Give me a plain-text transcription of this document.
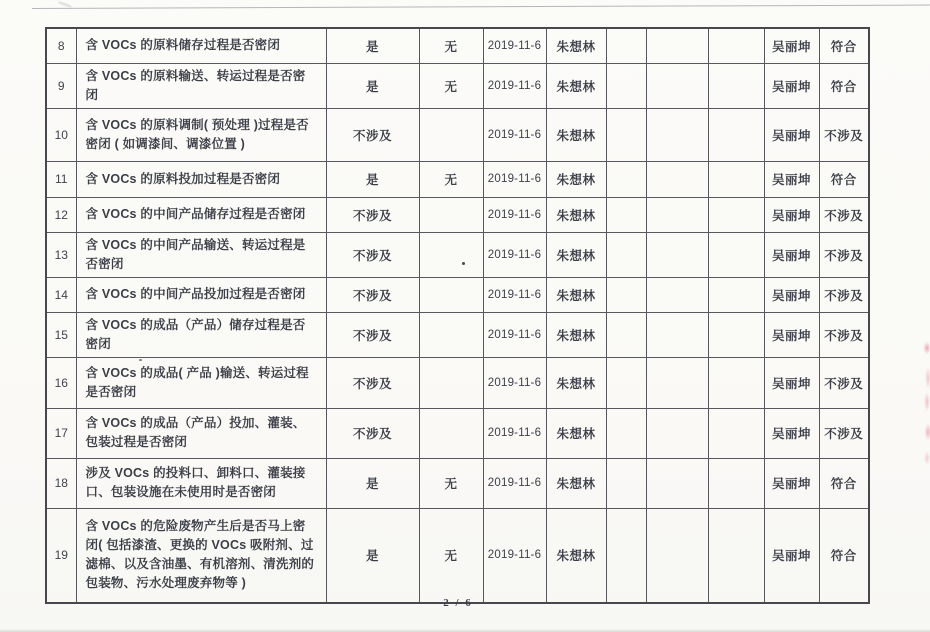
8	含 VOCs 的原料储存过程是否密闭	是	无	2019-11-6	朱想林				吴丽坤	符合
9	含 VOCs 的原料输送、转运过程是否密闭	是	无	2019-11-6	朱想林				吴丽坤	符合
10	含 VOCs 的原料调制( 预处理 )过程是否密闭 ( 如调漆间、调漆位置 )	不涉及		2019-11-6	朱想林				吴丽坤	不涉及
11	含 VOCs 的原料投加过程是否密闭	是	无	2019-11-6	朱想林				吴丽坤	符合
12	含 VOCs 的中间产品储存过程是否密闭	不涉及		2019-11-6	朱想林				吴丽坤	不涉及
13	含 VOCs 的中间产品输送、转运过程是否密闭	不涉及		2019-11-6	朱想林				吴丽坤	不涉及
14	含 VOCs 的中间产品投加过程是否密闭	不涉及		2019-11-6	朱想林				吴丽坤	不涉及
15	含 VOCs 的成品（产品）储存过程是否密闭	不涉及		2019-11-6	朱想林				吴丽坤	不涉及
16	含 VOCs 的成品( 产品 )输送、转运过程是否密闭	不涉及		2019-11-6	朱想林				吴丽坤	不涉及
17	含 VOCs 的成品（产品）投加、灌装、包装过程是否密闭	不涉及		2019-11-6	朱想林				吴丽坤	不涉及
18	涉及 VOCs 的投料口、卸料口、灌装接口、包装设施在未使用时是否密闭	是	无	2019-11-6	朱想林				吴丽坤	符合
19	含 VOCs 的危险废物产生后是否马上密闭( 包括漆渣、更换的 VOCs 吸附剂、过滤棉、以及含油墨、有机溶剂、清洗剂的包装物、污水处理废弃物等 )	是	无	2019-11-6	朱想林				吴丽坤	符合
2 / 6
